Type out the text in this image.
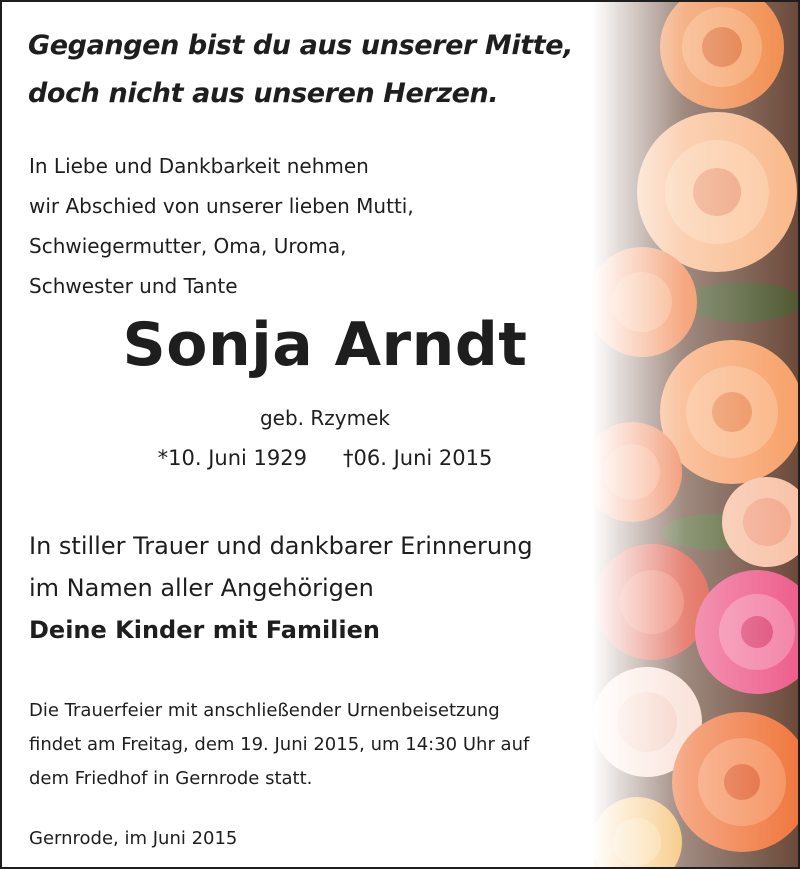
Gegangen bist du aus unserer Mitte,
doch nicht aus unseren Herzen.
In Liebe und Dankbarkeit nehmen
wir Abschied von unserer lieben Mutti,
Schwiegermutter, Oma, Uroma,
Schwester und Tante
Sonja Arndt
geb. Rzymek
*10. Juni 1929 †06. Juni 2015
In stiller Trauer und dankbarer Erinnerung
im Namen aller Angehörigen
Deine Kinder mit Familien
Die Trauerfeier mit anschließender Urnenbeisetzung
findet am Freitag, dem 19. Juni 2015, um 14:30 Uhr auf
dem Friedhof in Gernrode statt.
Gernrode, im Juni 2015
